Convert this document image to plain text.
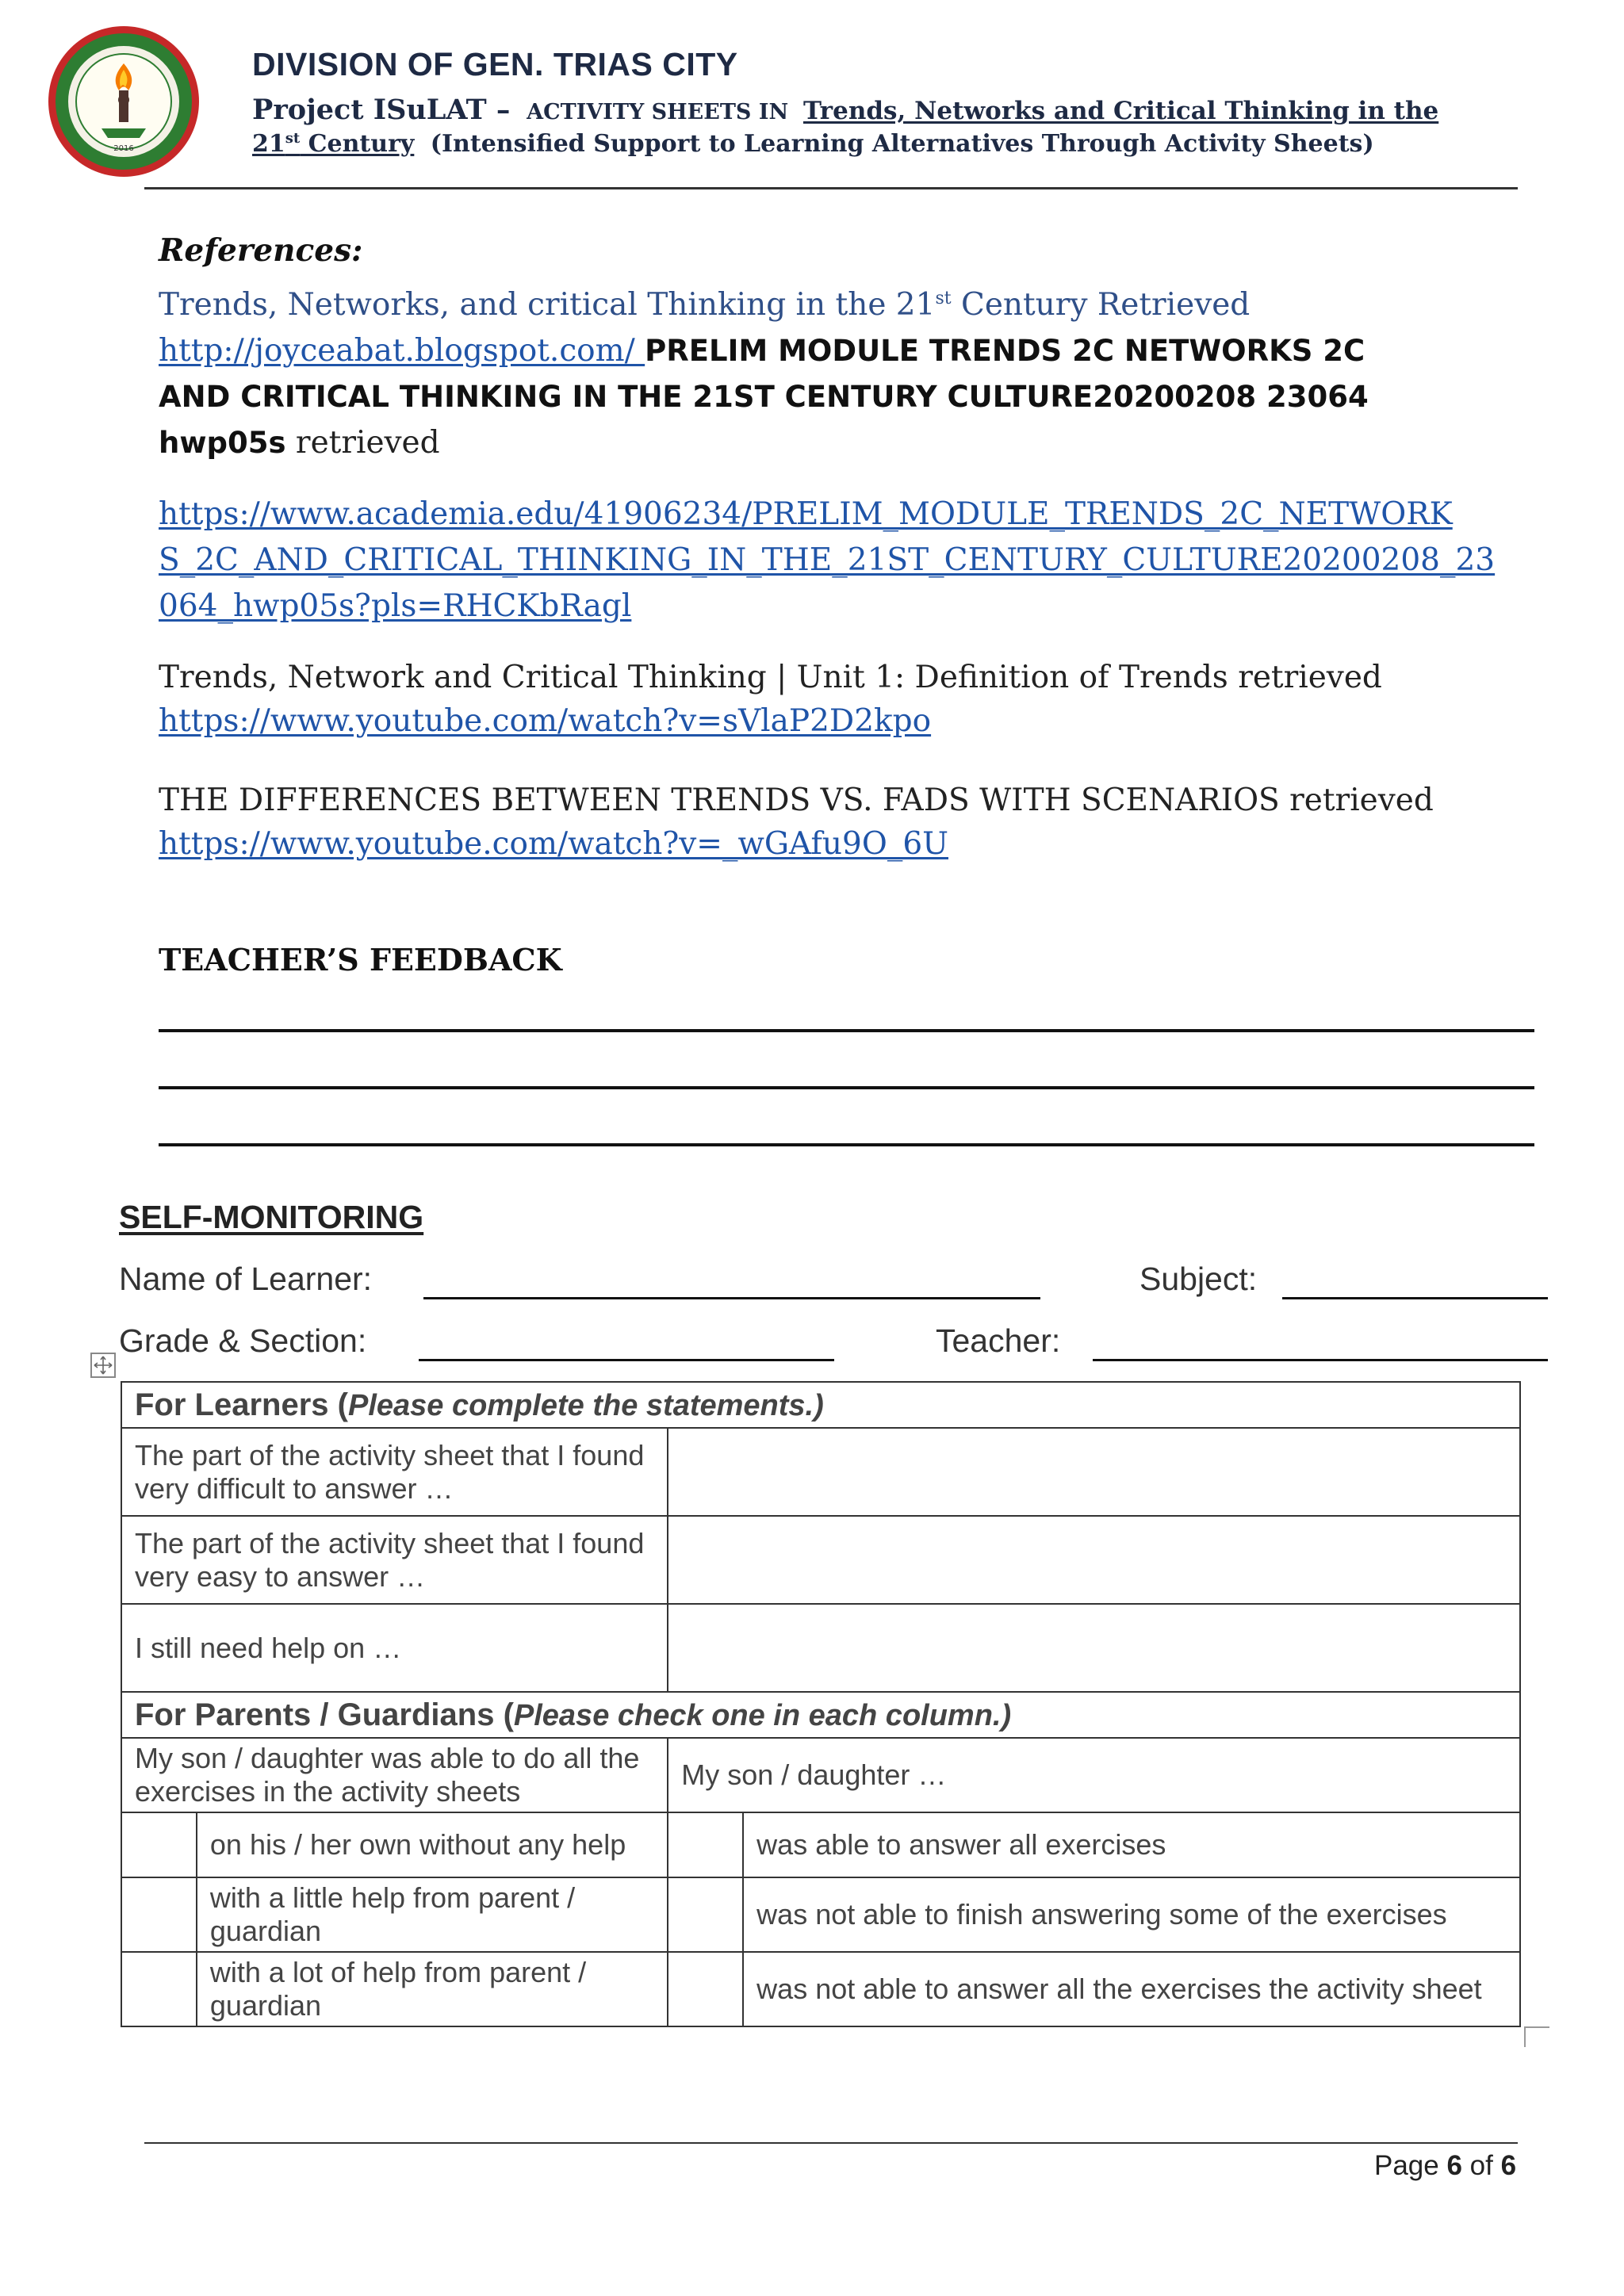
2016
DIVISION OF GEN. TRIAS CITY
Project ISuLAT – ACTIVITY SHEETS IN Trends, Networks and Critical Thinking in the
21st Century (Intensified Support to Learning Alternatives Through Activity Sheets)
References:
Trends, Networks, and critical Thinking in the 21st Century Retrieved
http://joyceabat.blogspot.com/ PRELIM MODULE TRENDS 2C NETWORKS 2C
AND CRITICAL THINKING IN THE 21ST CENTURY CULTURE20200208 23064
hwp05s retrieved
https://www.academia.edu/41906234/PRELIM_MODULE_TRENDS_2C_NETWORK
S_2C_AND_CRITICAL_THINKING_IN_THE_21ST_CENTURY_CULTURE20200208_23
064_hwp05s?pls=RHCKbRagl
Trends, Network and Critical Thinking | Unit 1: Definition of Trends retrieved
https://www.youtube.com/watch?v=sVlaP2D2kpo
THE DIFFERENCES BETWEEN TRENDS VS. FADS WITH SCENARIOS retrieved
https://www.youtube.com/watch?v=_wGAfu9O_6U
TEACHER’S FEEDBACK
SELF-MONITORING
Name of Learner:	Subject:
Grade & Section:	Teacher:
For Learners (Please complete the statements.)			
The part of the activity sheet that I found very difficult to answer …			
The part of the activity sheet that I found very easy to answer …			
I still need help on …			
For Parents / Guardians (Please check one in each column.)			
My son / daughter was able to do all the exercises in the activity sheets		My son / daughter …	
	on his / her own without any help		was able to answer all exercises
	with a little help from parent / guardian		was not able to finish answering some of the exercises
	with a lot of help from parent / guardian		was not able to answer all the exercises the activity sheet
Page 6 of 6
